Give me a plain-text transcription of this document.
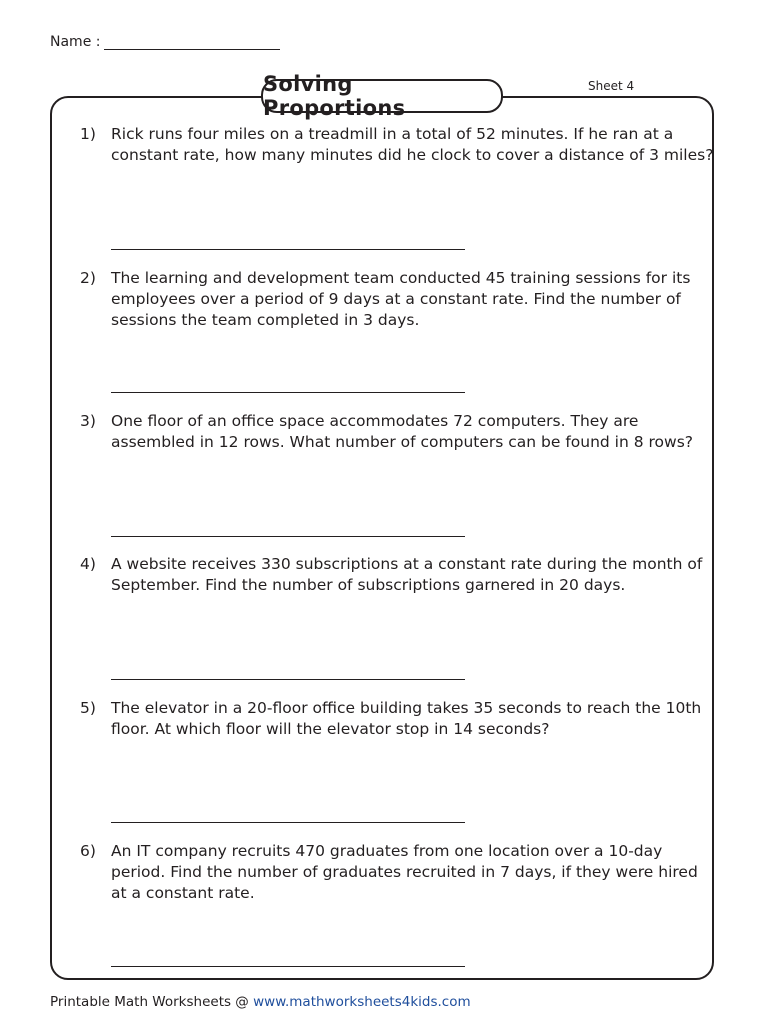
Name :
Solving Proportions
Sheet 4
1) Rick runs four miles on a treadmill in a total of 52 minutes. If he ran at a constant rate, how many minutes did he clock to cover a distance of 3 miles?
2) The learning and development team conducted 45 training sessions for its employees over a period of 9 days at a constant rate. Find the number of sessions the team completed in 3 days.
3) One floor of an office space accommodates 72 computers. They are assembled in 12 rows. What number of computers can be found in 8 rows?
4) A website receives 330 subscriptions at a constant rate during the month of September. Find the number of subscriptions garnered in 20 days.
5) The elevator in a 20-floor office building takes 35 seconds to reach the 10th floor. At which floor will the elevator stop in 14 seconds?
6) An IT company recruits 470 graduates from one location over a 10-day period. Find the number of graduates recruited in 7 days, if they were hired at a constant rate.
Printable Math Worksheets @ www.mathworksheets4kids.com
